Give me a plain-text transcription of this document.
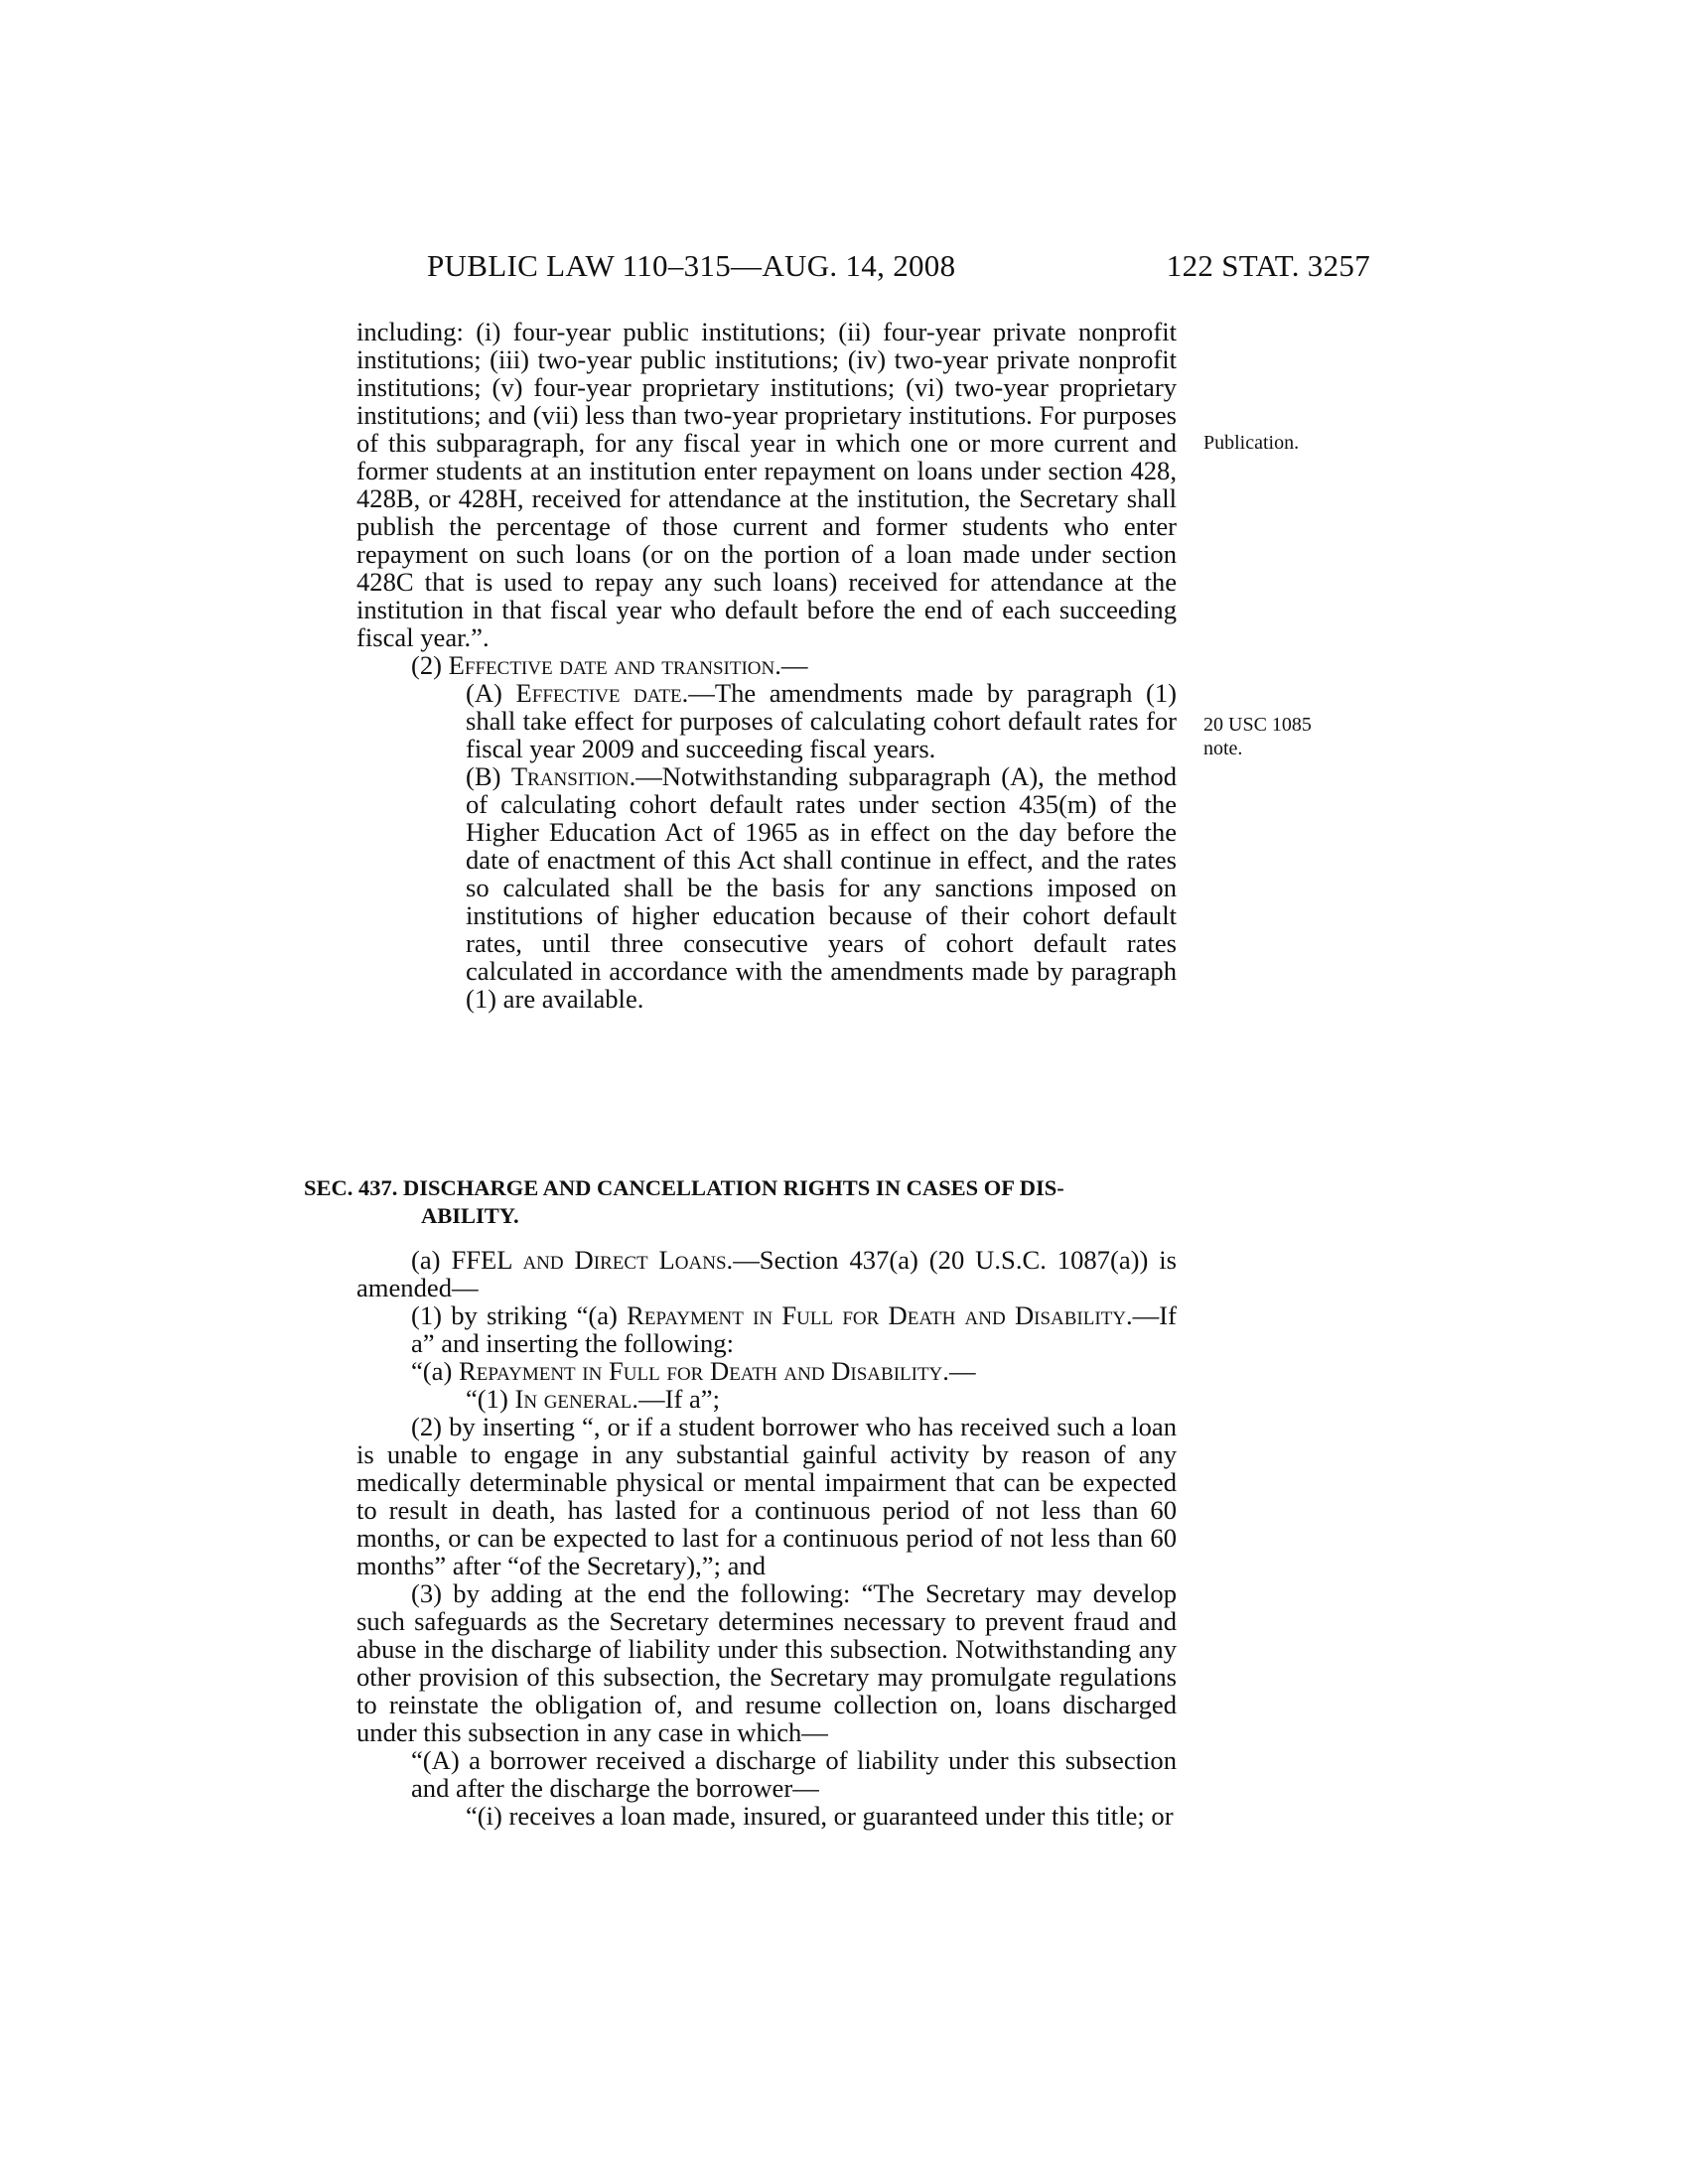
PUBLIC LAW 110–315—AUG. 14, 2008	122 STAT. 3257

including: (i) four-year public institutions; (ii) four-year private nonprofit institutions; (iii) two-year public institutions; (iv) two-year private nonprofit institutions; (v) four-year proprietary institutions; (vi) two-year proprietary institutions; and (vii) less than two-year proprietary institutions. For purposes of this subparagraph, for any fiscal year in which one or more current and former students at an institution enter repayment on loans under section 428, 428B, or 428H, received for attendance at the institution, the Secretary shall publish the percentage of those current and former students who enter repayment on such loans (or on the portion of a loan made under section 428C that is used to repay any such loans) received for attendance at the institution in that fiscal year who default before the end of each succeeding fiscal year.”.

(2) Effective date and transition.—

(A) Effective date.—The amendments made by paragraph (1) shall take effect for purposes of calculating cohort default rates for fiscal year 2009 and succeeding fiscal years.

(B) Transition.—Notwithstanding subparagraph (A), the method of calculating cohort default rates under section 435(m) of the Higher Education Act of 1965 as in effect on the day before the date of enactment of this Act shall continue in effect, and the rates so calculated shall be the basis for any sanctions imposed on institutions of higher education because of their cohort default rates, until three consecutive years of cohort default rates calculated in accordance with the amendments made by paragraph (1) are available.

SEC. 437. DISCHARGE AND CANCELLATION RIGHTS IN CASES OF DIS-
ABILITY.

(a) FFEL and Direct Loans.—Section 437(a) (20 U.S.C. 1087(a)) is amended—

(1) by striking “(a) Repayment in Full for Death and Disability.—If a” and inserting the following:

“(a) Repayment in Full for Death and Disability.—

“(1) In general.—If a”;

(2) by inserting “, or if a student borrower who has received such a loan is unable to engage in any substantial gainful activity by reason of any medically determinable physical or mental impairment that can be expected to result in death, has lasted for a continuous period of not less than 60 months, or can be expected to last for a continuous period of not less than 60 months” after “of the Secretary),”; and

(3) by adding at the end the following: “The Secretary may develop such safeguards as the Secretary determines necessary to prevent fraud and abuse in the discharge of liability under this subsection. Notwithstanding any other provision of this subsection, the Secretary may promulgate regulations to reinstate the obligation of, and resume collection on, loans discharged under this subsection in any case in which—

“(A) a borrower received a discharge of liability under this subsection and after the discharge the borrower—

“(i) receives a loan made, insured, or guaranteed under this title; or

Publication.
20 USC 1085
note.
